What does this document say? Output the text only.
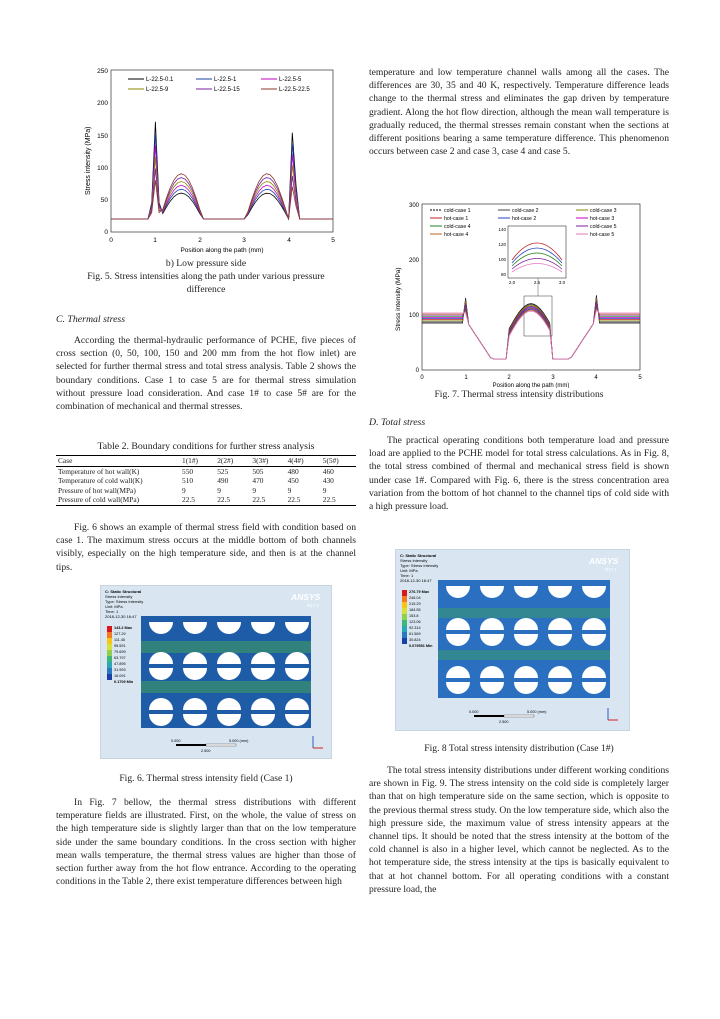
Stress intensity (MPa)
250
200
150
100
50
0
0	1	2	3	4	5
Position along the path (mm)
L-22.5-0.1	L-22.5-1	L-22.5-5
L-22.5-9	L-22.5-15	L-22.5-22.5
b) Low pressure side
Fig. 5. Stress intensities along the path under various pressure difference

C. Thermal stress

According the thermal-hydraulic performance of PCHE, five pieces of cross section (0, 50, 100, 150 and 200 mm from the hot flow inlet) are selected for further thermal stress and total stress analysis. Table 2 shows the boundary conditions. Case 1 to case 5 are for thermal stress simulation without pressure load consideration. And case 1# to case 5# are for the combination of mechanical and thermal stresses.

Table 2. Boundary conditions for further stress analysis
Case	1(1#)	2(2#)	3(3#)	4(4#)	5(5#)
Temperature of hot wall(K)	550	525	505	480	460
Temperature of cold wall(K)	510	490	470	450	430
Pressure of hot wall(MPa)	9	9	9	9	9
Pressure of cold wall(MPa)	22.5	22.5	22.5	22.5	22.5

Fig. 6 shows an example of thermal stress field with condition based on case 1. The maximum stress occurs at the middle bottom of both channels visibly, especially on the high temperature side, and then is at the channel tips.

C: Static Structural
Stress Intensity
Type: Stress Intensity
Unit: MPa
Time: 1
2018-12-30 16:47
ANSYS
R17.1
143.2 Max
127.29
111.45
95.591
79.699
63.797
47.895
31.993
16.091
0.1709 Min
0.000	5.000 (mm)
2.500
Fig. 6. Thermal stress intensity field (Case 1)

In Fig. 7 bellow, the thermal stress distributions with different temperature fields are illustrated. First, on the whole, the value of stress on the high temperature side is slightly larger than that on the low temperature side under the same boundary conditions. In the cross section with higher mean walls temperature, the thermal stress values are higher than those of section further away from the hot flow entrance. According to the operating conditions in the Table 2, there exist temperature differences between high

temperature and low temperature channel walls among all the cases. The differences are 30, 35 and 40 K, respectively. Temperature difference leads change to the thermal stress and eliminates the gap driven by temperature gradient. Along the hot flow direction, although the mean wall temperature is gradually reduced, the thermal stresses remain constant when the sections at different positions bearing a same temperature difference. This phenomenon occurs between case 2 and case 3, case 4 and case 5.

Stress intensity (MPa)
300
200
100
0
0	1	2	3	4	5
Position along the path (mm)
cold-case 1	cold-case 2	cold-case 3
hot-case 1	hot-case 2	hot-case 3
cold-case 4	cold-case 5
hot-case 4	hot-case 5
140
120
100
80
2.0	2.5	3.0
Fig. 7. Thermal stress intensity distributions

D. Total stress

The practical operating conditions both temperature load and pressure load are applied to the PCHE model for total stress calculations. As in Fig. 8, the total stress combined of thermal and mechanical stress field is shown under case 1#. Compared with Fig. 6, there is the stress concentration area variation from the bottom of hot channel to the channel tips of cold side with a high pressure load.

C: Static Structural
Stress Intensity
Type: Stress Intensity
Unit: MPa
Time: 1
2018-12-30 16:47
ANSYS
R17.1
276.79 Max
246.04
215.29
184.55
153.8
123.06
92.314
61.569
30.824
0.079551 Min
0.000	5.000 (mm)
2.500
Fig. 8 Total stress intensity distribution (Case 1#)

The total stress intensity distributions under different working conditions are shown in Fig. 9. The stress intensity on the cold side is completely larger than that on high temperature side on the same section, which is opposite to the previous thermal stress study. On the low temperature side, which also the high pressure side, the maximum value of stress intensity appears at the channel tips. It should be noted that the stress intensity at the bottom of the cold channel is also in a higher level, which cannot be neglected. As to the hot temperature side, the stress intensity at the tips is basically equivalent to that at hot channel bottom. For all operating conditions with a constant pressure load, the
